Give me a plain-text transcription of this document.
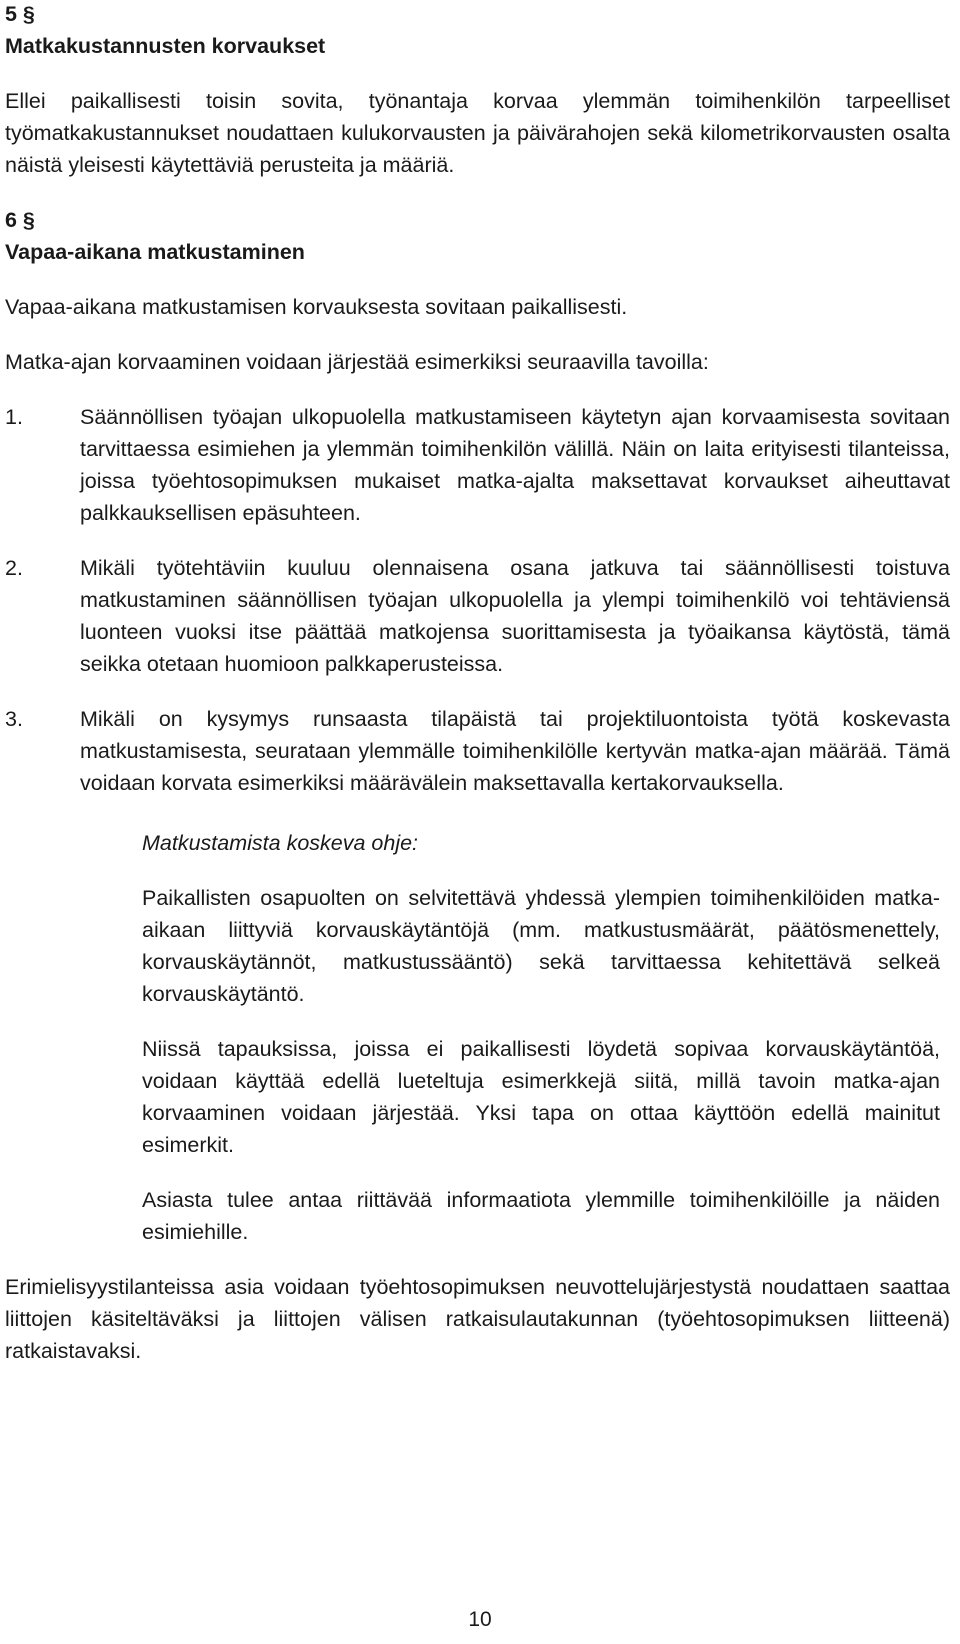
5 §

Matkakustannusten korvaukset

Ellei paikallisesti toisin sovita, työnantaja korvaa ylemmän toimihenkilön tarpeelliset työmatkakustannukset noudattaen kulukorvausten ja päivärahojen sekä kilometrikorvausten osalta näistä yleisesti käytettäviä perusteita ja määriä.

6 §

Vapaa-aikana matkustaminen

Vapaa-aikana matkustamisen korvauksesta sovitaan paikallisesti.

Matka-ajan korvaaminen voidaan järjestää esimerkiksi seuraavilla tavoilla:

1.	Säännöllisen työajan ulkopuolella matkustamiseen käytetyn ajan korvaamisesta sovitaan tarvittaessa esimiehen ja ylemmän toimihenkilön välillä. Näin on laita erityisesti tilanteissa, joissa työehtosopimuksen mukaiset matka-ajalta maksettavat korvaukset aiheuttavat palkkauksellisen epäsuhteen.
2.	Mikäli työtehtäviin kuuluu olennaisena osana jatkuva tai säännöllisesti toistuva matkustaminen säännöllisen työajan ulkopuolella ja ylempi toimihenkilö voi tehtäviensä luonteen vuoksi itse päättää matkojensa suorittamisesta ja työaikansa käytöstä, tämä seikka otetaan huomioon palkkaperusteissa.
3.	Mikäli on kysymys runsaasta tilapäistä tai projektiluontoista työtä koskevasta matkustamisesta, seurataan ylemmälle toimihenkilölle kertyvän matka-ajan määrää. Tämä voidaan korvata esimerkiksi määrävälein maksettavalla kertakorvauksella.

Matkustamista koskeva ohje:

Paikallisten osapuolten on selvitettävä yhdessä ylempien toimihenkilöiden matka-aikaan liittyviä korvauskäytäntöjä (mm. matkustusmäärät, päätösmenettely, korvauskäytännöt, matkustussääntö) sekä tarvittaessa kehitettävä selkeä korvauskäytäntö.

Niissä tapauksissa, joissa ei paikallisesti löydetä sopivaa korvauskäytäntöä, voidaan käyttää edellä lueteltuja esimerkkejä siitä, millä tavoin matka-ajan korvaaminen voidaan järjestää. Yksi tapa on ottaa käyttöön edellä mainitut esimerkit.

Asiasta tulee antaa riittävää informaatiota ylemmille toimihenkilöille ja näiden esimiehille.

Erimielisyystilanteissa asia voidaan työehtosopimuksen neuvottelujärjestystä noudattaen saattaa liittojen käsiteltäväksi ja liittojen välisen ratkaisulautakunnan (työehtosopimuksen liitteenä) ratkaistavaksi.

10
